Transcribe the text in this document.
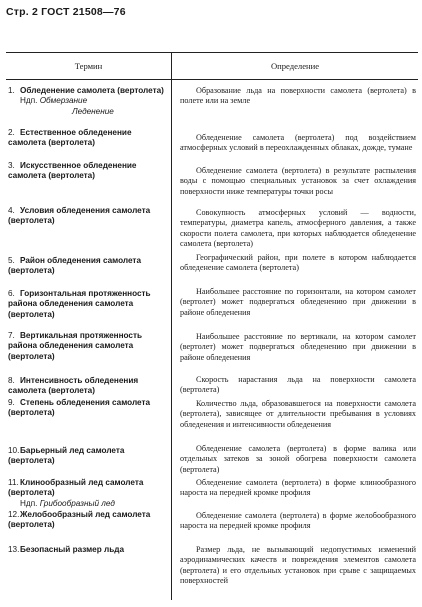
Стр. 2 ГОСТ 21508—76
Термин	Определение
1. Обледенение самолета (вертолета)
Ндп. Обмерзание
Леденение
Образование льда на поверхности самолета (вертолета) в полете или на земле
2. Естественное обледенение самолета (вертолета)
Обледенение самолета (вертолета) под воздействием атмосферных условий в переохлажденных облаках, дожде, тумане
3. Искусственное обледенение самолета (вертолета)
Обледенение самолета (вертолета) в результате распыления воды с помощью специальных установок за счет охлаждения поверхности ниже температуры точки росы
4. Условия обледенения самолета (вертолета)
Совокупность атмосферных условий — водности, температуры, диаметра капель, атмосферного давления, а также скорости полета самолета, при которых наблюдается обледенение самолета (вертолета)
5. Район обледенения самолета (вертолета)
Географический район, при полете в котором наблюдается обледенение самолета (вертолета)
6. Горизонтальная протяженность района обледенения самолета (вертолета)
Наибольшее расстояние по горизонтали, на котором самолет (вертолет) может подвергаться обледенению при движении в районе обледенения
7. Вертикальная протяженность района обледенения самолета (вертолета)
Наибольшее расстояние по вертикали, на котором самолет (вертолет) может подвергаться обледенению при движении в районе обледенения
8. Интенсивность обледенения самолета (вертолета)
Скорость нарастания льда на поверхности самолета (вертолета)
9. Степень обледенения самолета (вертолета)
Количество льда, образовавшегося на поверхности самолета (вертолета), зависящее от длительности пребывания в условиях обледенения и интенсивности обледенения
10.Барьерный лед самолета (вертолета)
Обледенение самолета (вертолета) в форме валика или отдельных затеков за зоной обогрева поверхности самолета (вертолета)
11.Клинообразный лед самолета (вертолета)
Ндп. Грибообразный лед
Обледенение самолета (вертолета) в форме клинообразного нароста на передней кромке профиля
12.Желобообразный лед самолета (вертолета)
Обледенение самолета (вертолета) в форме желобообразного нароста на передней кромке профиля
13.Безопасный размер льда	Размер льда, не вызывающий недопустимых изменений аэродинамических качеств и повреждения элементов самолета (вертолета) и его отдельных установок при срыве с защищаемых поверхностей
